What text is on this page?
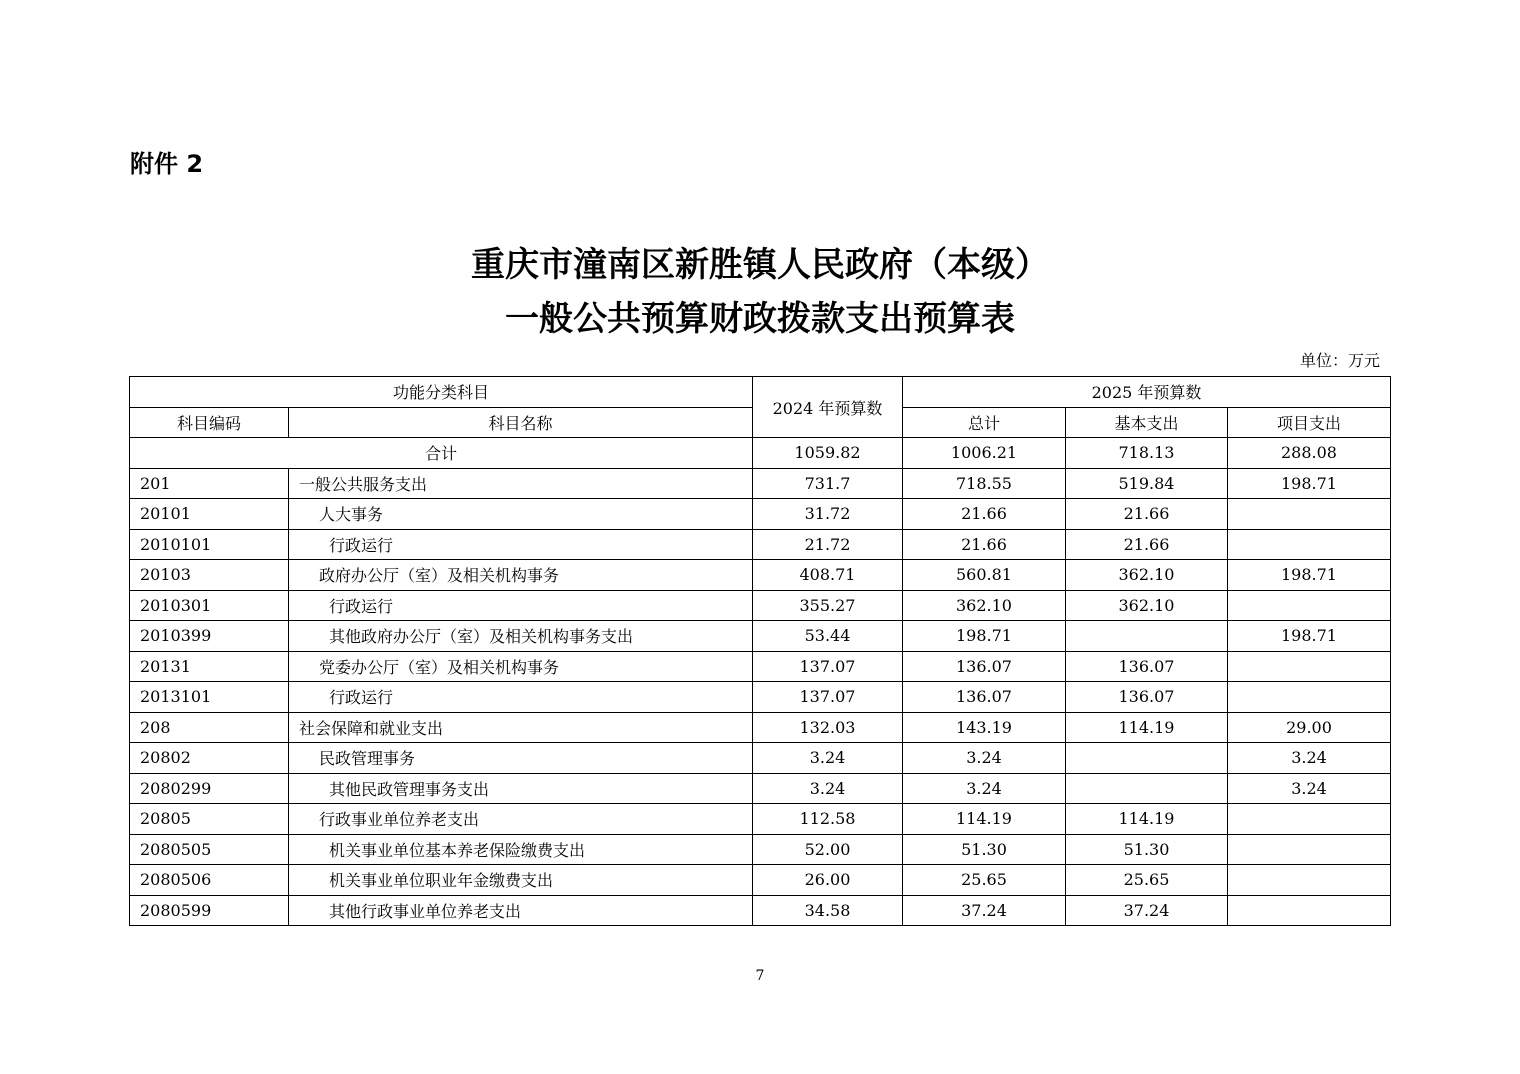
附件 2
重庆市潼南区新胜镇人民政府（本级）
一般公共预算财政拨款支出预算表
单位：万元
功能分类科目		2024 年预算数	2025 年预算数		
科目编码	科目名称		总计	基本支出	项目支出
合计		1059.82	1006.21	718.13	288.08
201	一般公共服务支出	731.7	718.55	519.84	198.71
20101	人大事务	31.72	21.66	21.66	
2010101	行政运行	21.72	21.66	21.66	
20103	政府办公厅（室）及相关机构事务	408.71	560.81	362.10	198.71
2010301	行政运行	355.27	362.10	362.10	
2010399	其他政府办公厅（室）及相关机构事务支出	53.44	198.71		198.71
20131	党委办公厅（室）及相关机构事务	137.07	136.07	136.07	
2013101	行政运行	137.07	136.07	136.07	
208	社会保障和就业支出	132.03	143.19	114.19	29.00
20802	民政管理事务	3.24	3.24		3.24
2080299	其他民政管理事务支出	3.24	3.24		3.24
20805	行政事业单位养老支出	112.58	114.19	114.19	
2080505	机关事业单位基本养老保险缴费支出	52.00	51.30	51.30	
2080506	机关事业单位职业年金缴费支出	26.00	25.65	25.65	
2080599	其他行政事业单位养老支出	34.58	37.24	37.24	
7
